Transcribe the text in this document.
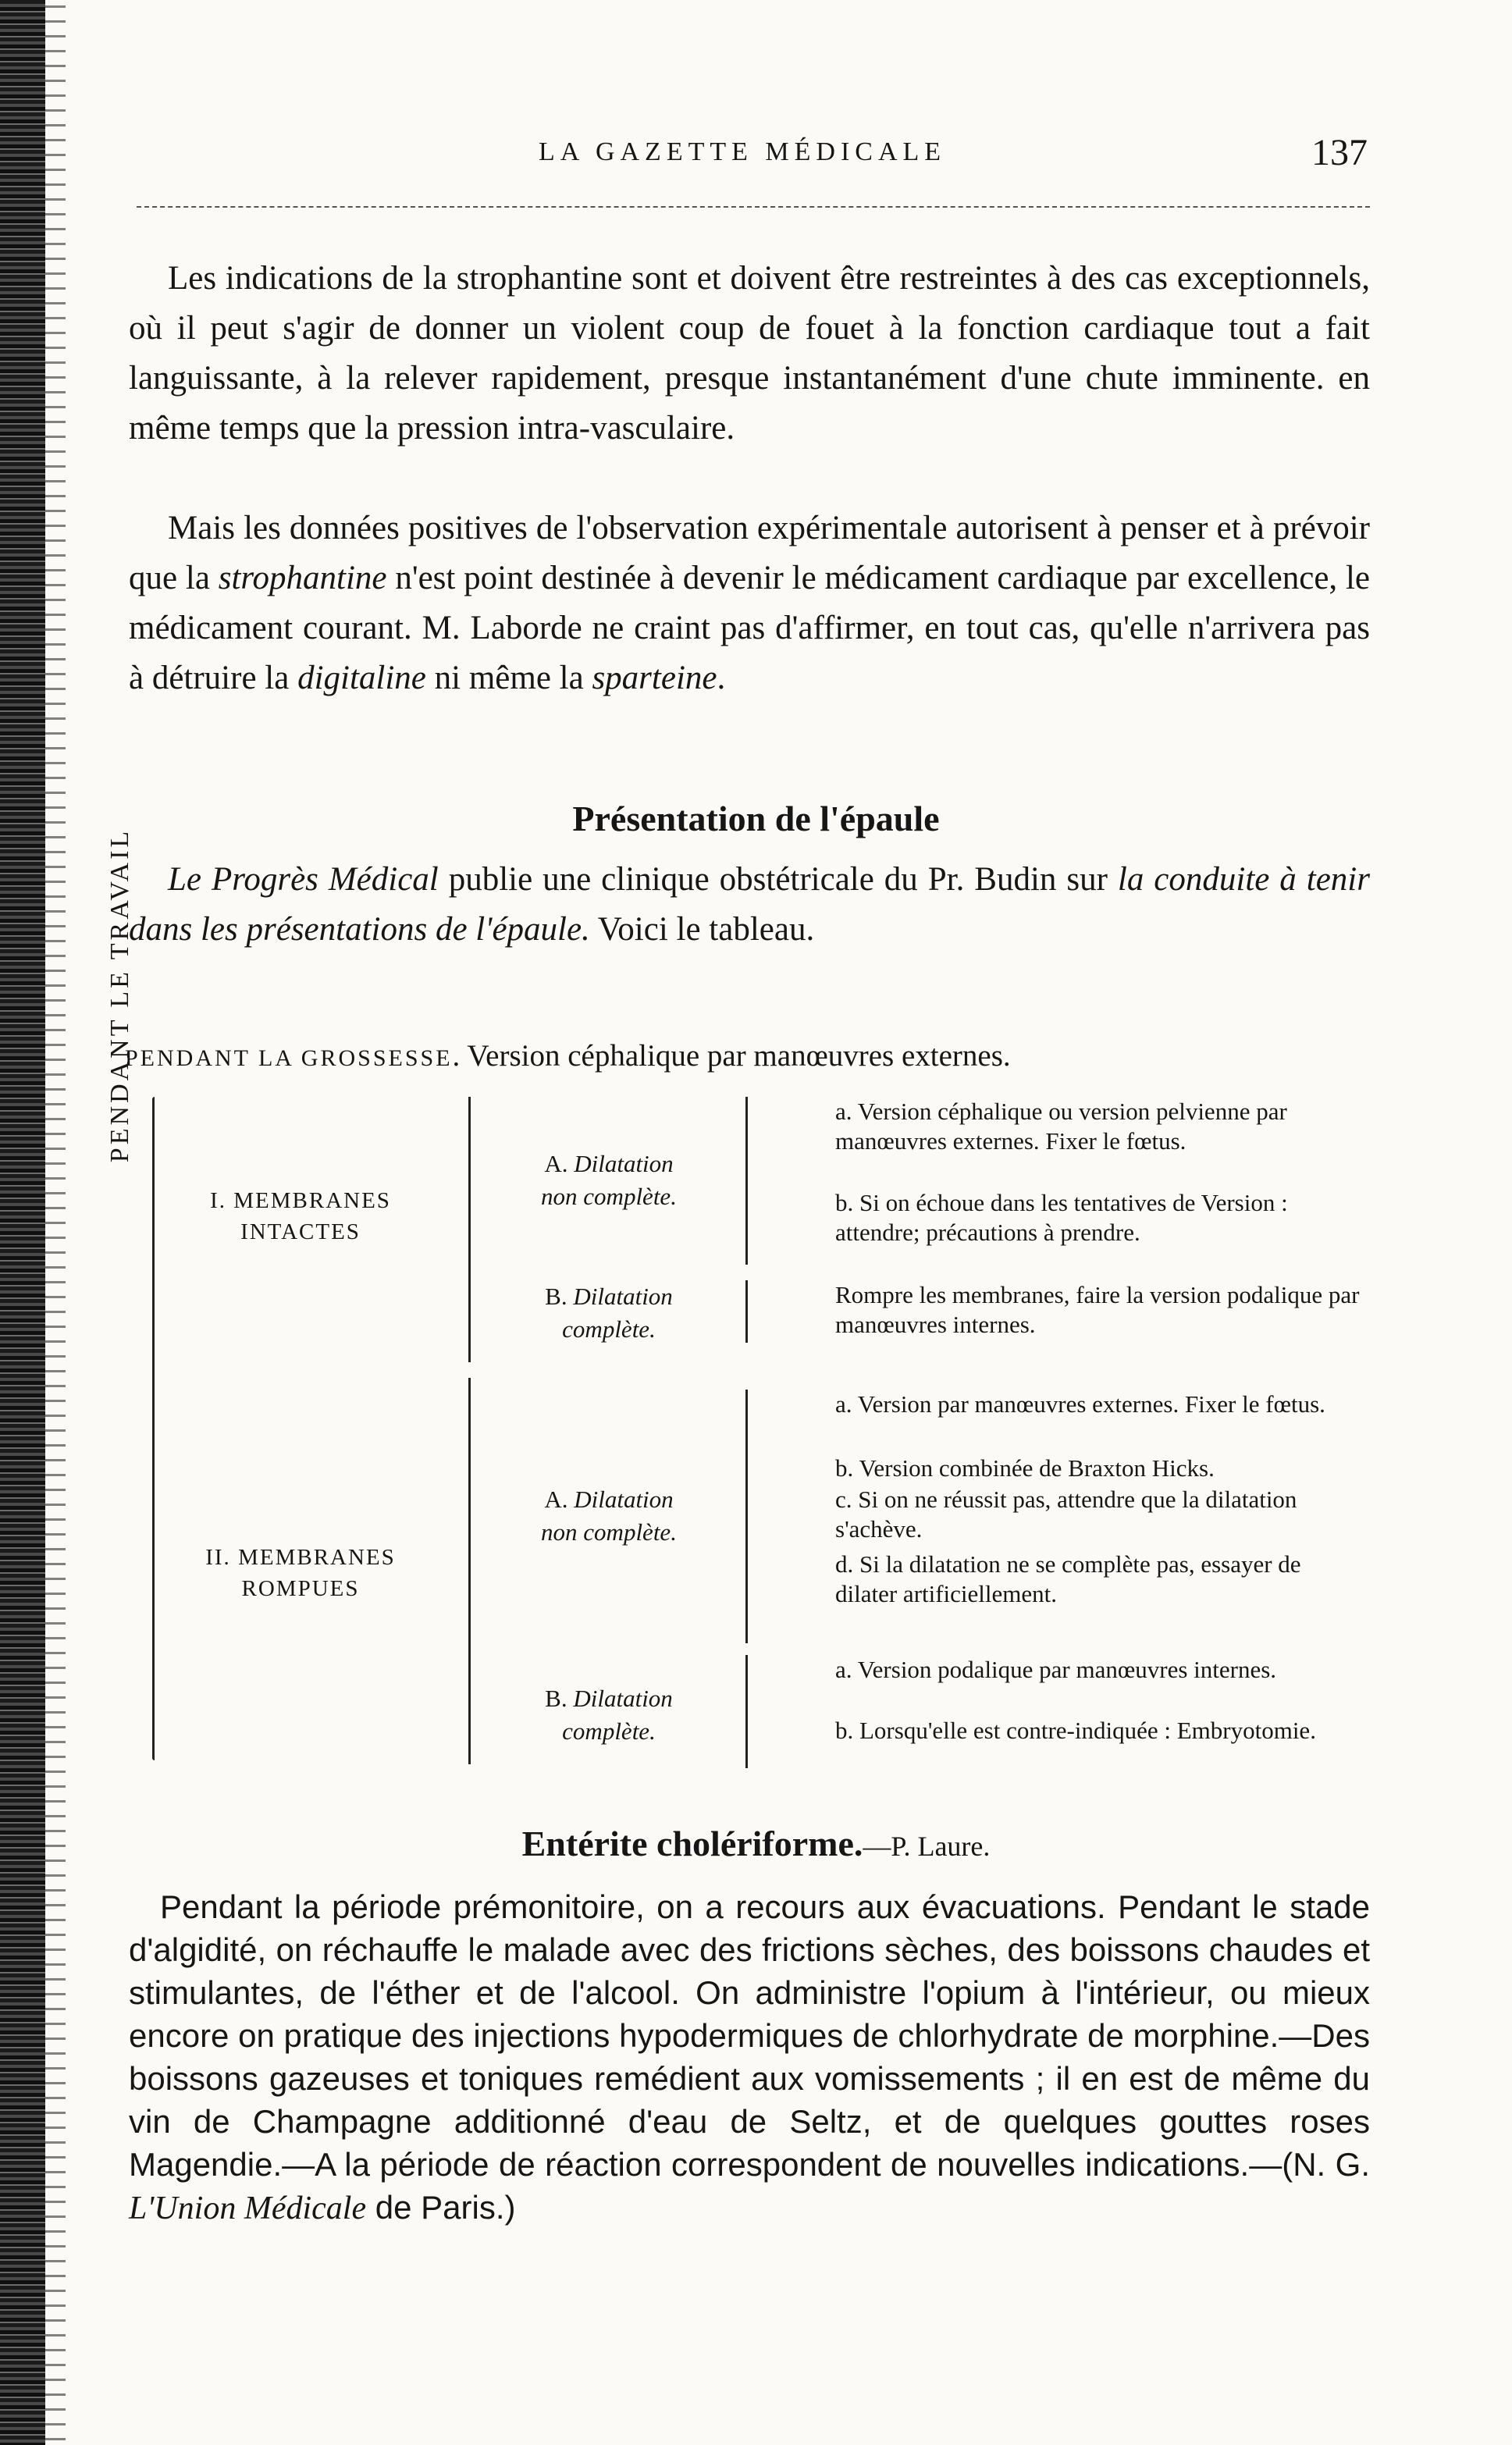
LA GAZETTE MÉDICALE	137
Les indications de la strophantine sont et doivent être restreintes à des cas exceptionnels, où il peut s'agir de donner un violent coup de fouet à la fonction cardiaque tout a fait languissante, à la relever rapidement, presque instantanément d'une chute imminente. en même temps que la pression intra-vasculaire.
Mais les données positives de l'observation expérimentale autorisent à penser et à prévoir que la strophantine n'est point destinée à devenir le médicament cardiaque par excellence, le médicament courant. M. Laborde ne craint pas d'affirmer, en tout cas, qu'elle n'arrivera pas à détruire la digitaline ni même la sparteine.
Présentation de l'épaule
Le Progrès Médical publie une clinique obstétricale du Pr. Budin sur la conduite à tenir dans les présentations de l'épaule. Voici le tableau.
PENDANT LA GROSSESSE. Version céphalique par manœuvres externes.
PENDANT LE TRAVAIL
I. MEMBRANES INTACTES
A. Dilatation
non complète.
a. Version céphalique ou version pelvienne par manœuvres externes. Fixer le fœtus.
b. Si on échoue dans les tentatives de Version : attendre; précautions à prendre.
B. Dilatation
complète.
Rompre les membranes, faire la version podalique par manœuvres internes.
II. MEMBRANES ROMPUES
A. Dilatation
non complète.
a. Version par manœuvres externes. Fixer le fœtus.
b. Version combinée de Braxton Hicks.
c. Si on ne réussit pas, attendre que la dilatation s'achève.
d. Si la dilatation ne se complète pas, essayer de dilater artificiellement.
B. Dilatation
complète.
a. Version podalique par manœuvres internes.
b. Lorsqu'elle est contre-indiquée : Embryotomie.
Entérite cholériforme.—P. Laure.
Pendant la période prémonitoire, on a recours aux évacuations. Pendant le stade d'algidité, on réchauffe le malade avec des frictions sèches, des boissons chaudes et stimulantes, de l'éther et de l'alcool. On administre l'opium à l'intérieur, ou mieux encore on pratique des injections hypodermiques de chlorhydrate de morphine.—Des boissons gazeuses et toniques remédient aux vomissements ; il en est de même du vin de Champagne additionné d'eau de Seltz, et de quelques gouttes roses Magendie.—A la période de réaction correspondent de nouvelles indications.—(N. G. L'Union Médicale de Paris.)
